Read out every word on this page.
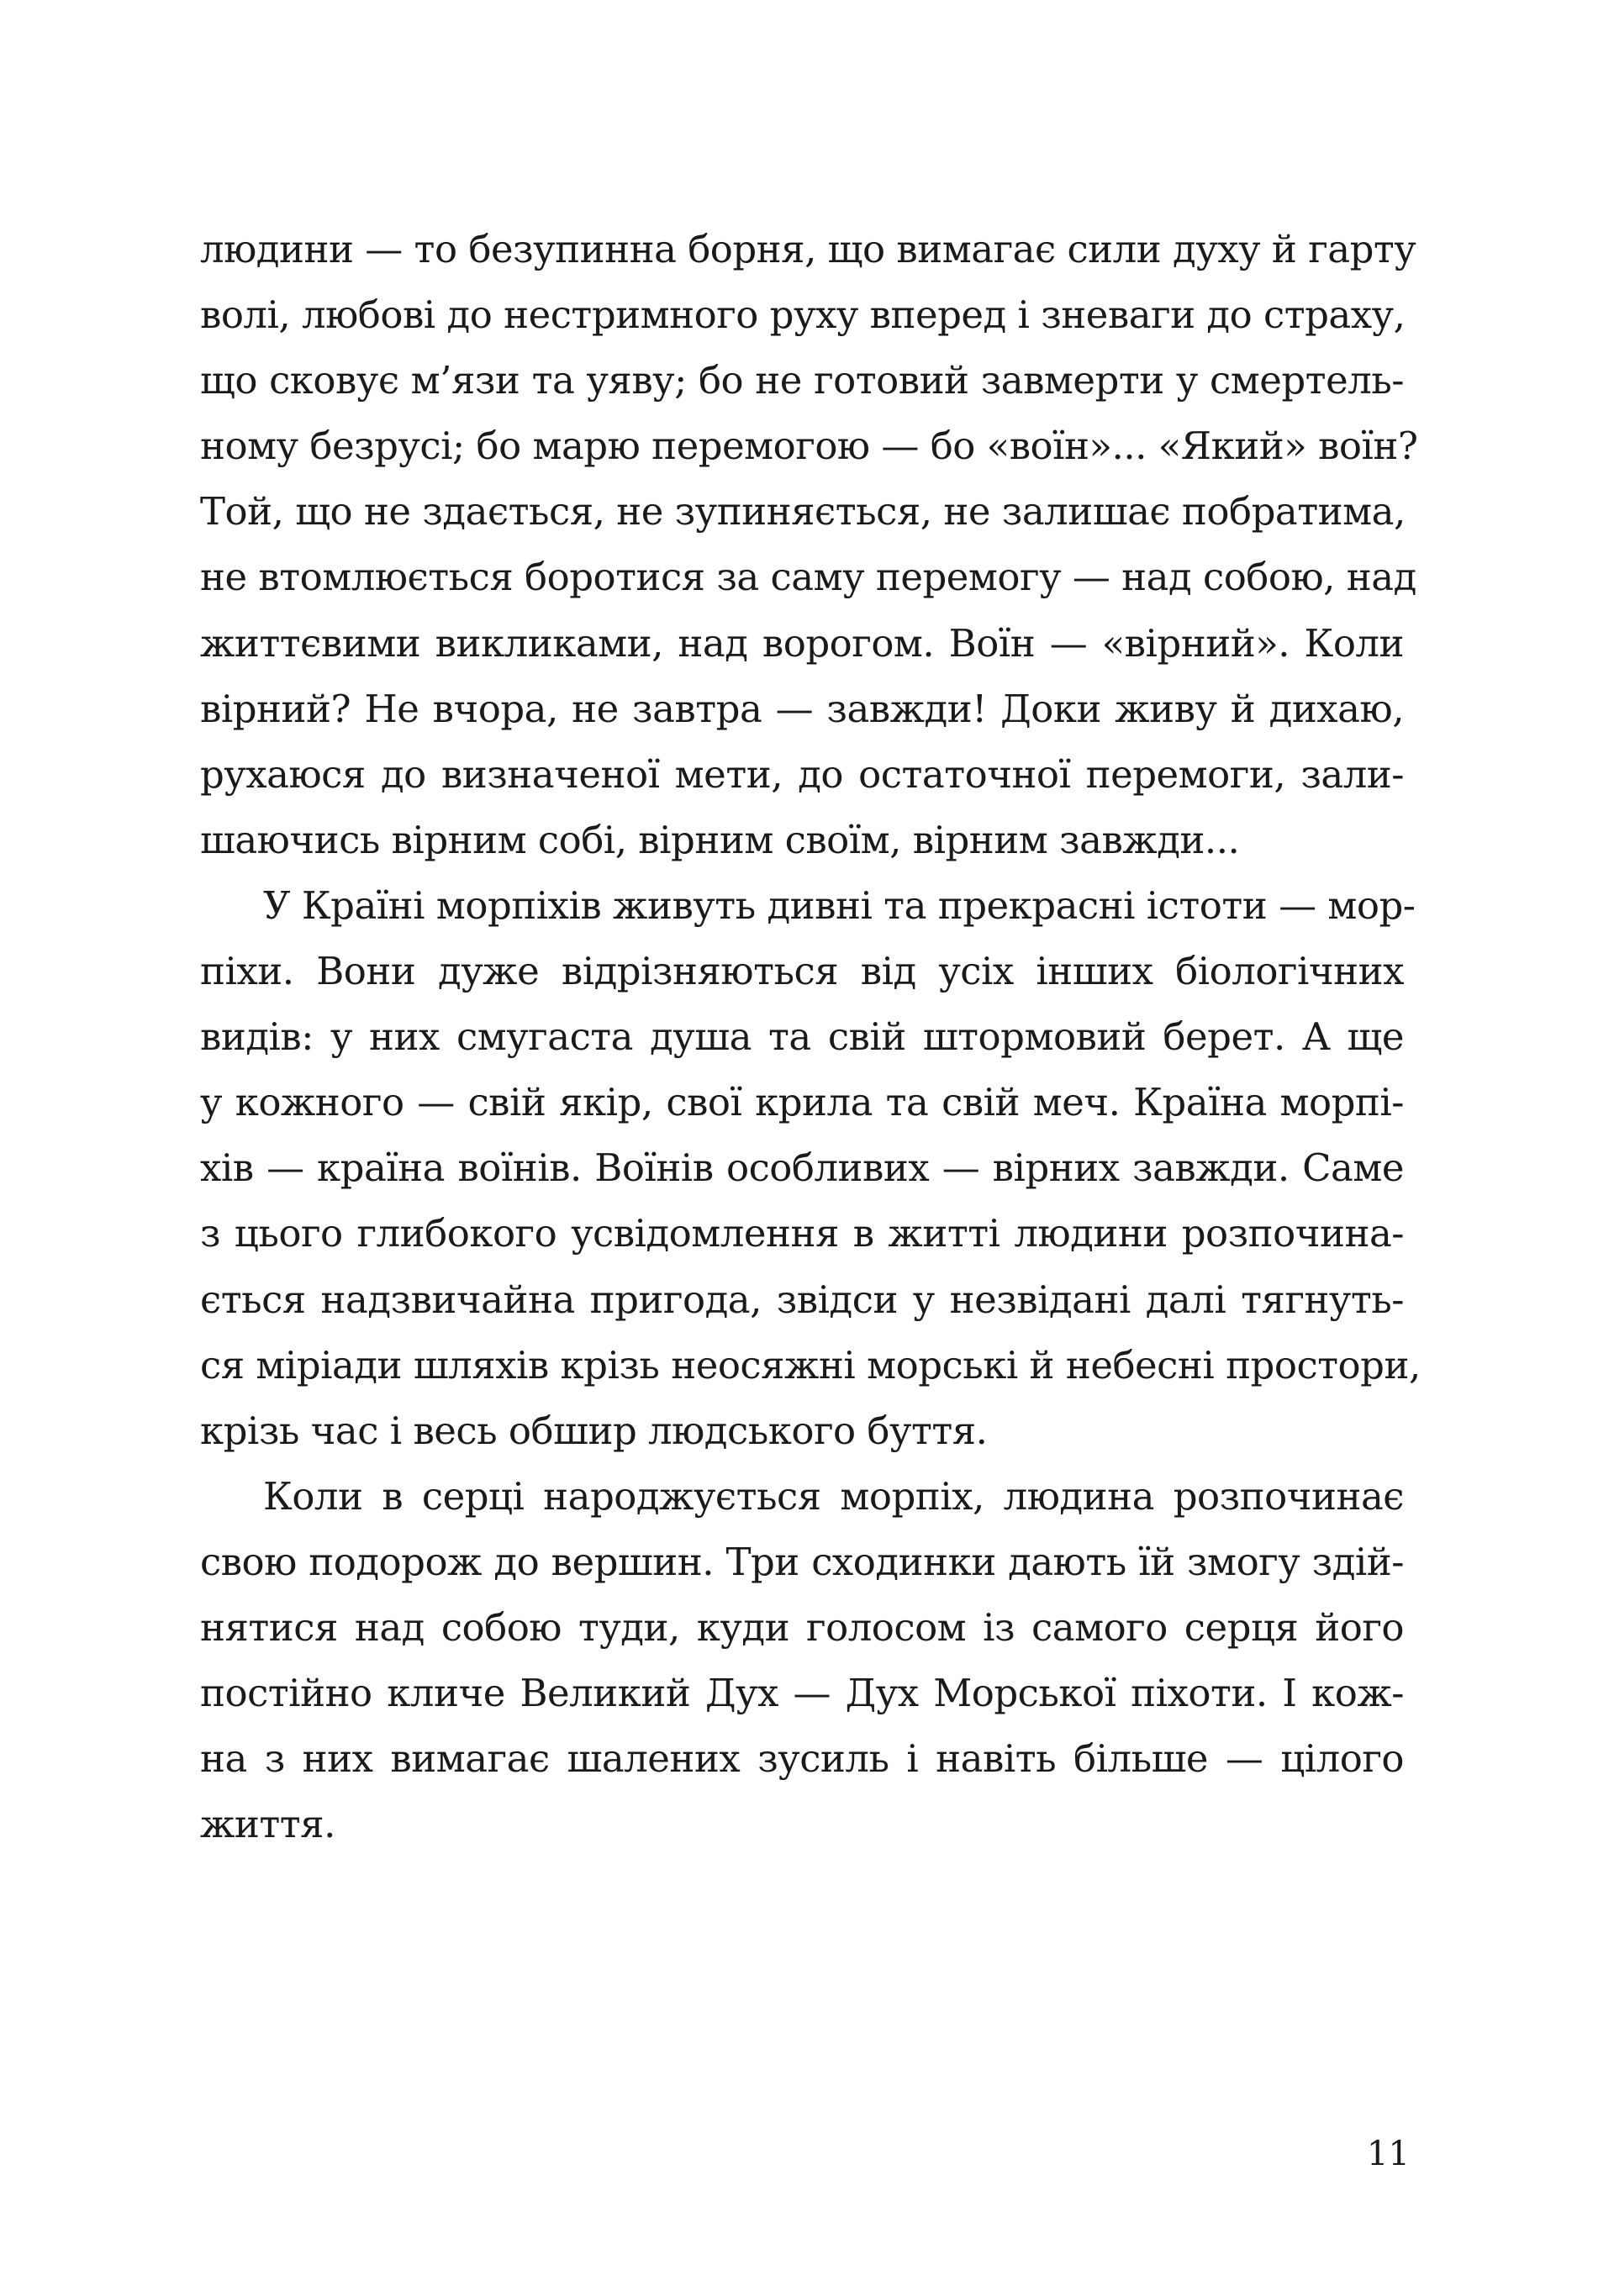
людини — то безупинна борня, що вимагає сили духу й гарту
волі, любові до нестримного руху вперед і зневаги до страху,
що сковує м’язи та уяву; бо не готовий завмерти у смертель-
ному безрусі; бо марю перемогою — бо «воїн»... «Який» воїн?
Той, що не здається, не зупиняється, не залишає побратима,
не втомлюється боротися за саму перемогу — над собою, над
життєвими викликами, над ворогом. Воїн — «вірний». Коли
вірний? Не вчора, не завтра — завжди! Доки живу й дихаю,
рухаюся до визначеної мети, до остаточної перемоги, зали-
шаючись вірним собі, вірним своїм, вірним завжди...
У Країні морпіхів живуть дивні та прекрасні істоти — мор-
піхи. Вони дуже відрізняються від усіх інших біологічних
видів: у них смугаста душа та свій штормовий берет. А ще
у кожного — свій якір, свої крила та свій меч. Країна морпі-
хів — країна воїнів. Воїнів особливих — вірних завжди. Саме
з цього глибокого усвідомлення в житті людини розпочина-
ється надзвичайна пригода, звідси у незвідані далі тягнуть-
ся міріади шляхів крізь неосяжні морські й небесні простори,
крізь час і весь обшир людського буття.
Коли в серці народжується морпіх, людина розпочинає
свою подорож до вершин. Три сходинки дають їй змогу здій-
нятися над собою туди, куди голосом із самого серця його
постійно кличе Великий Дух — Дух Морської піхоти. І кож-
на з них вимагає шалених зусиль і навіть більше — цілого
життя.
11
